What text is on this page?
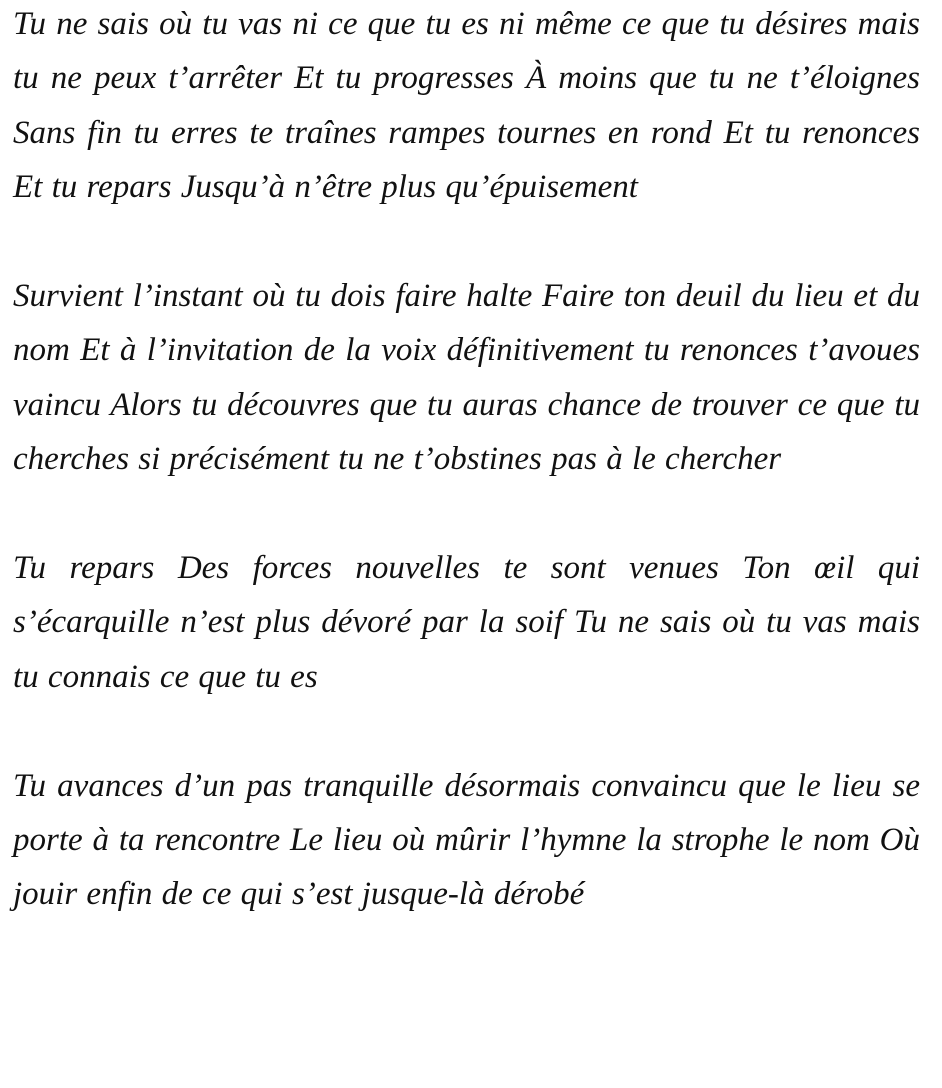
Tu ne sais où tu vas ni ce que tu es ni même ce que tu désires mais tu ne peux t’arrêter Et tu progresses À moins que tu ne t’éloignes Sans fin tu erres te traînes rampes tournes en rond Et tu renonces Et tu repars Jusqu’à n’être plus qu’épuisement

Survient l’instant où tu dois faire halte Faire ton deuil du lieu et du nom Et à l’invitation de la voix définitivement tu renonces t’avoues vaincu Alors tu découvres que tu auras chance de trouver ce que tu cherches si précisément tu ne t’obstines pas à le chercher

Tu repars Des forces nouvelles te sont venues Ton œil qui s’écarquille n’est plus dévoré par la soif Tu ne sais où tu vas mais tu connais ce que tu es

Tu avances d’un pas tranquille désormais convaincu que le lieu se porte à ta rencontre Le lieu où mûrir l’hymne la strophe le nom Où jouir enfin de ce qui s’est jusque-là dérobé
